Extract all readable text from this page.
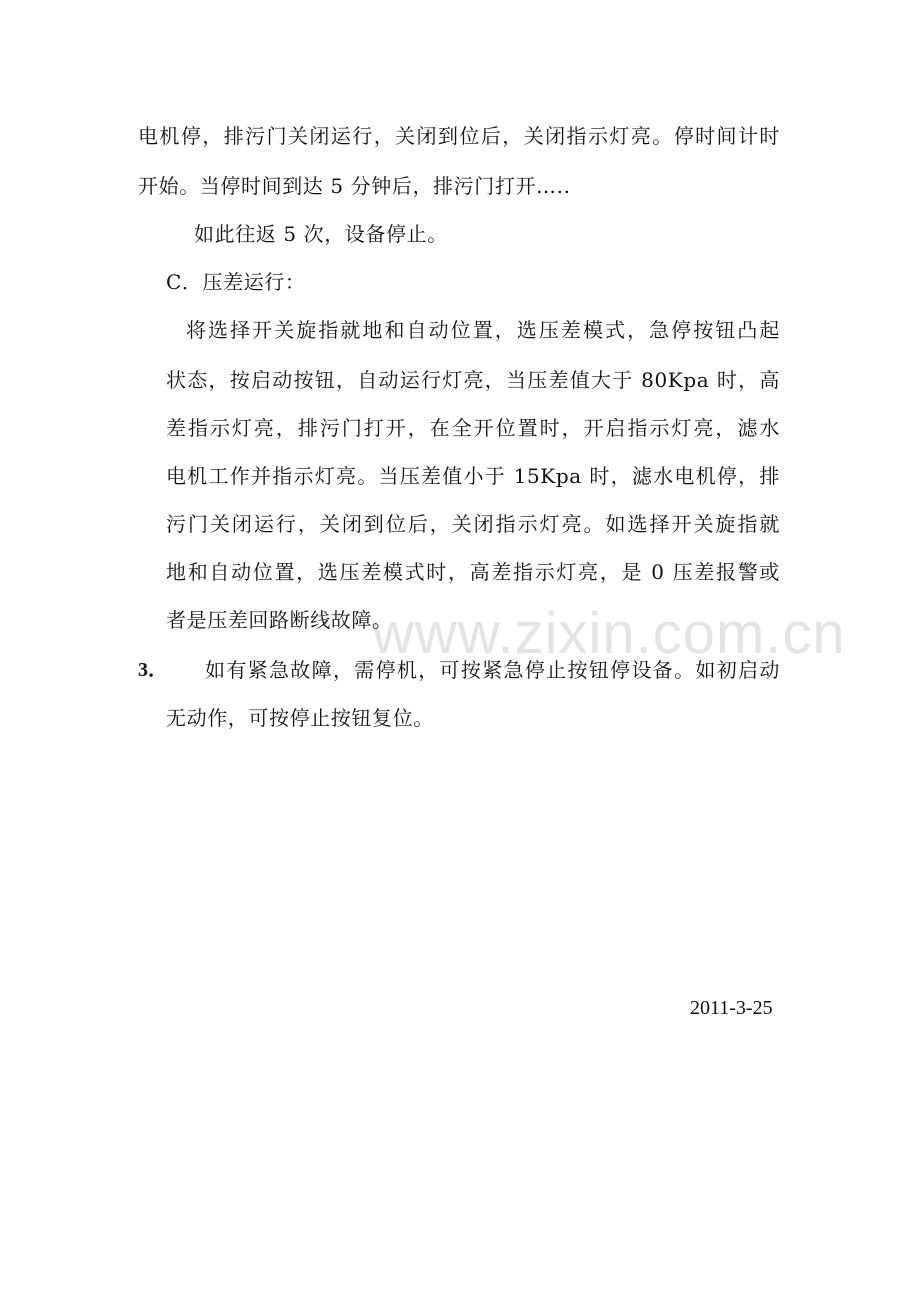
www.zixin.com.cn
电机停，排污门关闭运行，关闭到位后，关闭指示灯亮。停时间计时
开始。当停时间到达 5 分钟后，排污门打开…..
如此往返 5 次，设备停止。
C．压差运行：
将选择开关旋指就地和自动位置，选压差模式，急停按钮凸起
状态，按启动按钮，自动运行灯亮，当压差值大于 80Kpa 时，高
差指示灯亮，排污门打开，在全开位置时，开启指示灯亮，滤水
电机工作并指示灯亮。当压差值小于 15Kpa 时，滤水电机停，排
污门关闭运行，关闭到位后，关闭指示灯亮。如选择开关旋指就
地和自动位置，选压差模式时，高差指示灯亮，是 0 压差报警或
者是压差回路断线故障。
3． 如有紧急故障，需停机，可按紧急停止按钮停设备。如初启动
无动作，可按停止按钮复位。
2011-3-25
